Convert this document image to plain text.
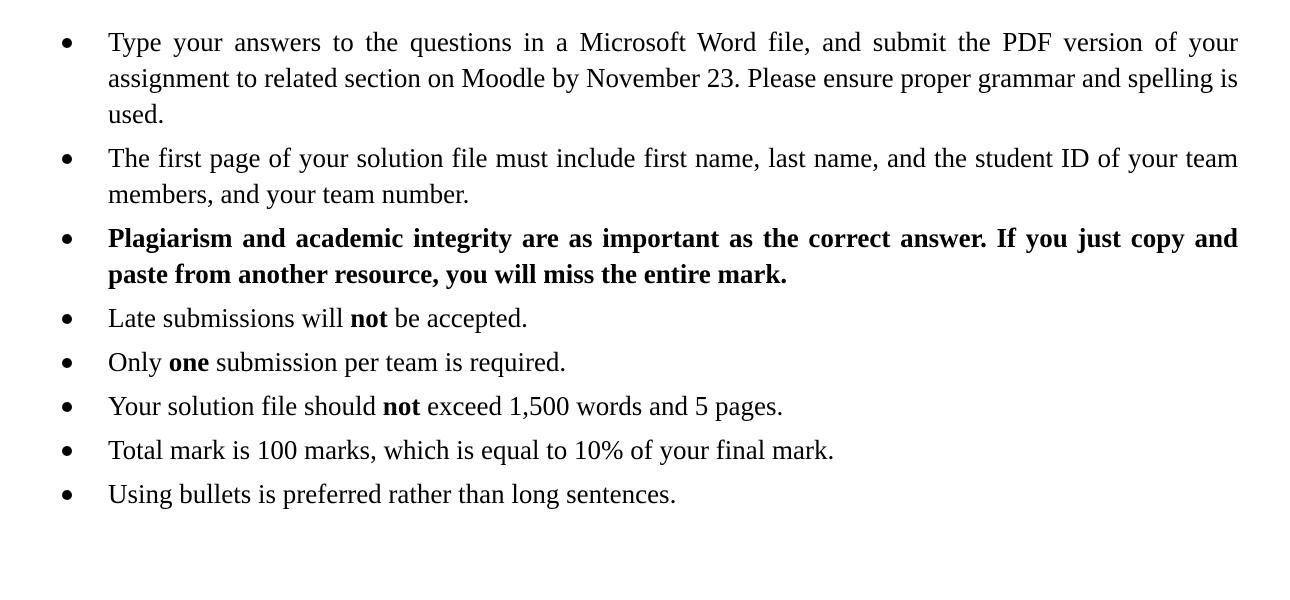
Type your answers to the questions in a Microsoft Word file, and submit the PDF version of your assignment to related section on Moodle by November 23. Please ensure proper grammar and spelling is used.
The first page of your solution file must include first name, last name, and the student ID of your team members, and your team number.
Plagiarism and academic integrity are as important as the correct answer. If you just copy and paste from another resource, you will miss the entire mark.
Late submissions will not be accepted.
Only one submission per team is required.
Your solution file should not exceed 1,500 words and 5 pages.
Total mark is 100 marks, which is equal to 10% of your final mark.
Using bullets is preferred rather than long sentences.
